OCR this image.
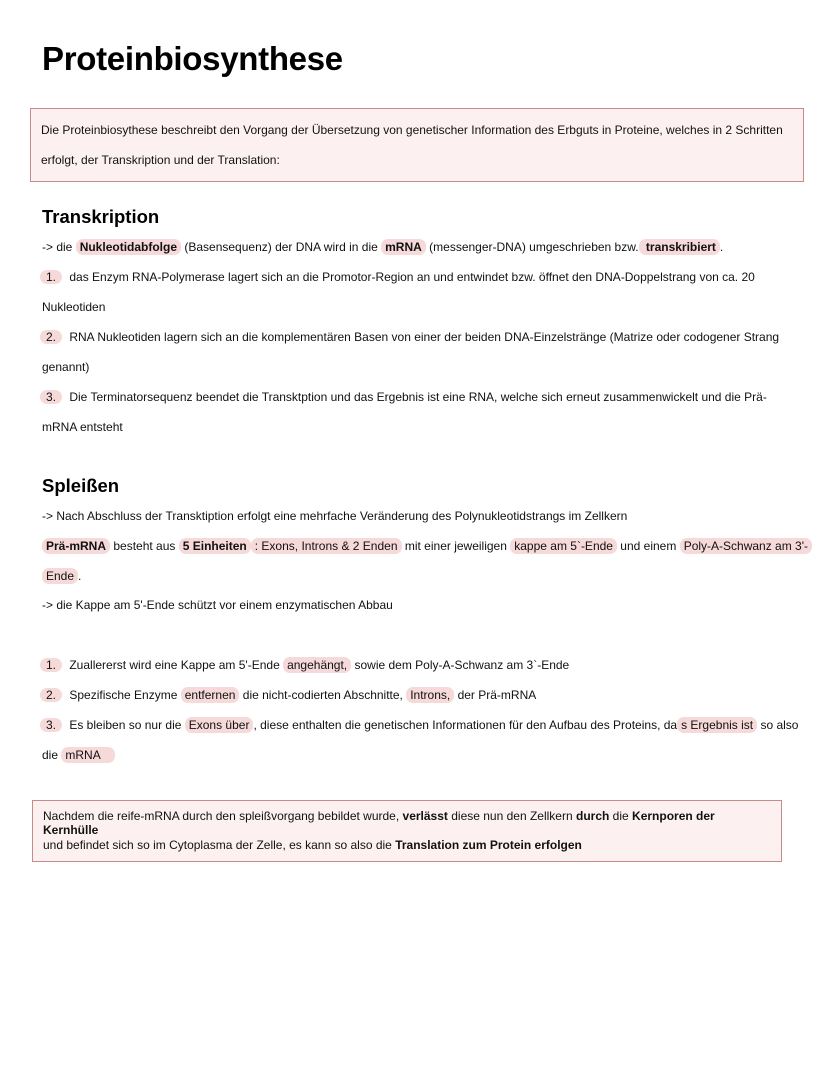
Proteinbiosynthese

Die Proteinbiosythese beschreibt den Vorgang der Übersetzung von genetischer Information des Erbguts in Proteine, welches in 2 Schritten

erfolgt, der Transkription und der Translation:

Transkription

-> die Nukleotidabfolge (Basensequenz) der DNA wird in die mRNA (messenger-DNA) umgeschrieben bzw. transkribiert .

1. das Enzym RNA-Polymerase lagert sich an die Promotor-Region an und entwindet bzw. öffnet den DNA-Doppelstrang von ca. 20

Nukleotiden

2. RNA Nukleotiden lagern sich an die komplementären Basen von einer der beiden DNA-Einzelstränge (Matrize oder codogener Strang

genannt)

3. Die Terminatorsequenz beendet die Transktption und das Ergebnis ist eine RNA, welche sich erneut zusammenwickelt und die Prä-

mRNA entsteht

Spleißen

-> Nach Abschluss der Transktiption erfolgt eine mehrfache Veränderung des Polynukleotidstrangs im Zellkern

Prä-mRNA besteht aus 5 Einheiten : Exons, Introns & 2 Enden mit einer jeweiligen kappe am 5`-Ende und einem Poly-A-Schwanz am 3'-

Ende .

-> die Kappe am 5'-Ende schützt vor einem enzymatischen Abbau

1. Zuallererst wird eine Kappe am 5'-Ende angehängt, sowie dem Poly-A-Schwanz am 3`-Ende

2. Spezifische Enzyme entfernen die nicht-codierten Abschnitte, Introns, der Prä-mRNA

3. Es bleiben so nur die Exons über , diese enthalten die genetischen Informationen für den Aufbau des Proteins, da s Ergebnis ist so also

die mRNA

Nachdem die reife-mRNA durch den spleißvorgang bebildet wurde, verlässt diese nun den Zellkern durch die Kernporen der Kernhülle

und befindet sich so im Cytoplasma der Zelle, es kann so also die Translation zum Protein erfolgen
